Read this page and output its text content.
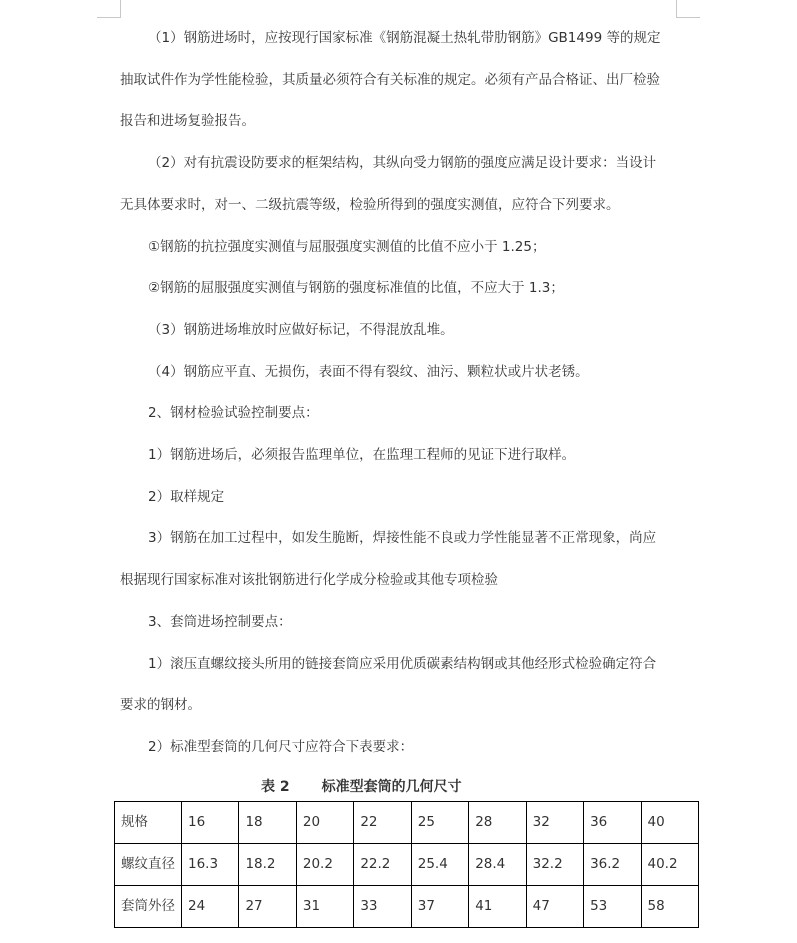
（1）钢筋进场时，应按现行国家标准《钢筋混凝土热轧带肋钢筋》GB1499 等的规定

抽取试件作为学性能检验，其质量必须符合有关标准的规定。必须有产品合格证、出厂检验

报告和进场复验报告。

（2）对有抗震设防要求的框架结构，其纵向受力钢筋的强度应满足设计要求：当设计

无具体要求时，对一、二级抗震等级，检验所得到的强度实测值，应符合下列要求。

①钢筋的抗拉强度实测值与屈服强度实测值的比值不应小于 1.25；

②钢筋的屈服强度实测值与钢筋的强度标准值的比值，不应大于 1.3；

（3）钢筋进场堆放时应做好标记，不得混放乱堆。

（4）钢筋应平直、无损伤，表面不得有裂纹、油污、颗粒状或片状老锈。

2、钢材检验试验控制要点：

1）钢筋进场后，必须报告监理单位，在监理工程师的见证下进行取样。

2）取样规定

3）钢筋在加工过程中，如发生脆断，焊接性能不良或力学性能显著不正常现象，尚应

根据现行国家标准对该批钢筋进行化学成分检验或其他专项检验

3、套筒进场控制要点：

1）滚压直螺纹接头所用的链接套筒应采用优质碳素结构钢或其他经形式检验确定符合

要求的钢材。

2）标准型套筒的几何尺寸应符合下表要求：

表 2 标准型套筒的几何尺寸
规格	16	18	20	22	25	28	32	36	40
螺纹直径	16.3	18.2	20.2	22.2	25.4	28.4	32.2	36.2	40.2
套筒外径	24	27	31	33	37	41	47	53	58
